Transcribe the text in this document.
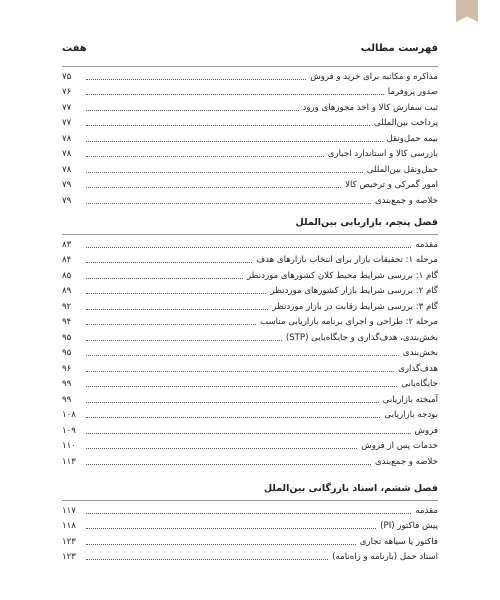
فهرست مطالب
هفت
مذاکره و مکاتبه برای خرید و فروش
۷۵
صدور پروفرما
۷۶
ثبت سفارش کالا و اخذ مجوزهای ورود
۷۷
پرداخت بین‌المللی
۷۷
بیمه حمل‌ونقل
۷۸
بازرسی کالا و استاندارد اجباری
۷۸
حمل‌ونقل بین‌المللی
۷۸
امور گمرکی و ترخیص کالا
۷۹
خلاصه و جمع‌بندی
۷۹
فصل پنجم، بازاریابی بین‌الملل
مقدمه
۸۳
مرحله ۱: تحقیقات بازار برای انتخاب بازارهای هدف
۸۴
گام ۱: بررسی شرایط محیط کلان کشورهای موردنظر
۸۵
گام ۲: بررسی شرایط بازار کشورهای موردنظر
۸۹
گام ۳: بررسی شرایط رقابت در بازار موردنظر
۹۲
مرحله ۲: طراحی و اجرای برنامه بازاریابی مناسب
۹۴
بخش‌بندی، هدف‌گذاری و جایگاه‌یابی (STP)
۹۵
بخش‌بندی
۹۵
هدف‌گذاری
۹۶
جایگاه‌یابی
۹۹
آمیخته بازاریابی
۹۹
بودجه بازاریابی
۱۰۸
فروش
۱۰۹
خدمات پس از فروش
۱۱۰
خلاصه و جمع‌بندی
۱۱۳
فصل ششم، اسناد بازرگانی بین‌الملل
مقدمه
۱۱۷
پیش فاکتور (PI)
۱۱۸
فاکتور یا سیاهه تجاری
۱۲۳
اسناد حمل (بارنامه و راه‌نامه)
۱۲۳
